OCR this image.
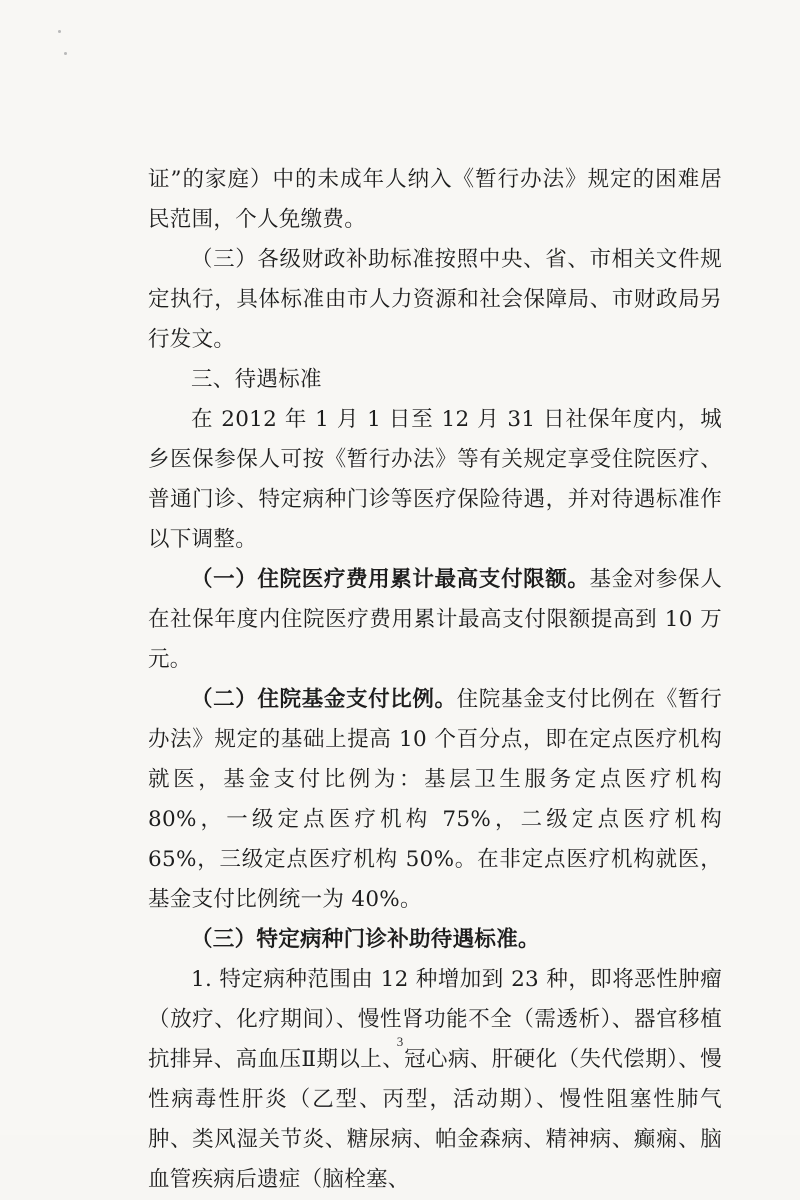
证”的家庭）中的未成年人纳入《暂行办法》规定的困难居民范围，个人免缴费。

（三）各级财政补助标准按照中央、省、市相关文件规定执行，具体标准由市人力资源和社会保障局、市财政局另行发文。

三、待遇标准

在 2012 年 1 月 1 日至 12 月 31 日社保年度内，城乡医保参保人可按《暂行办法》等有关规定享受住院医疗、普通门诊、特定病种门诊等医疗保险待遇，并对待遇标准作以下调整。

（一）住院医疗费用累计最高支付限额。基金对参保人在社保年度内住院医疗费用累计最高支付限额提高到 10 万元。

（二）住院基金支付比例。住院基金支付比例在《暂行办法》规定的基础上提高 10 个百分点，即在定点医疗机构就医，基金支付比例为：基层卫生服务定点医疗机构 80%，一级定点医疗机构 75%，二级定点医疗机构 65%，三级定点医疗机构 50%。在非定点医疗机构就医，基金支付比例统一为 40%。

（三）特定病种门诊补助待遇标准。

1. 特定病种范围由 12 种增加到 23 种，即将恶性肿瘤（放疗、化疗期间）、慢性肾功能不全（需透析）、器官移植抗排异、高血压Ⅱ期以上、冠心病、肝硬化（失代偿期）、慢性病毒性肝炎（乙型、丙型，活动期）、慢性阻塞性肺气肿、类风湿关节炎、糖尿病、帕金森病、精神病、癫痫、脑血管疾病后遗症（脑栓塞、

3
